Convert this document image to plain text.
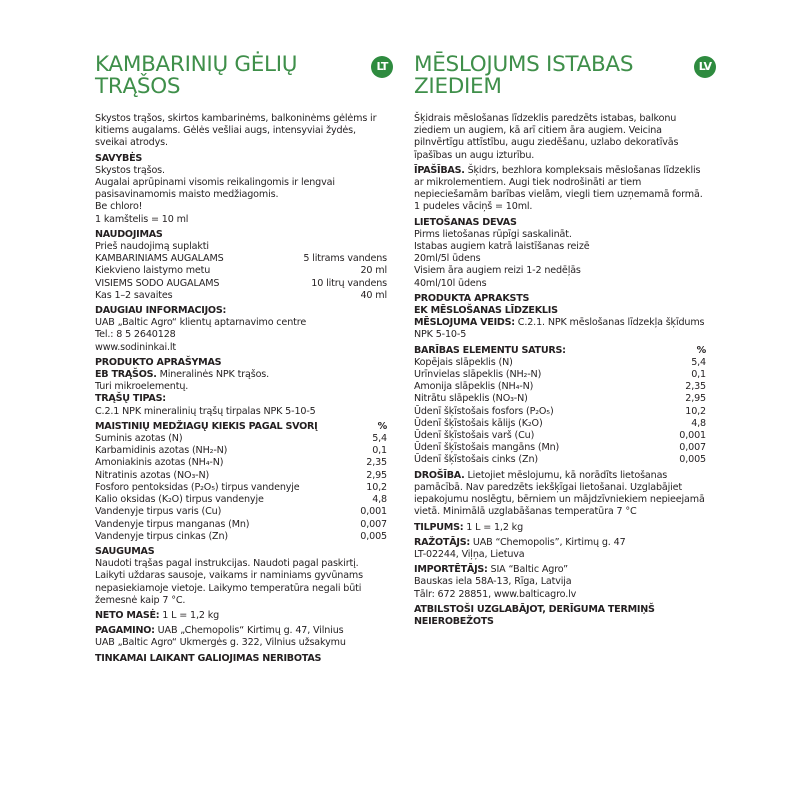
KAMBARINIŲ GĖLIŲ TRĄŠOS
LT

Skystos trąšos, skirtos kambarinėms, balkoninėms gėlėms ir kitiems augalams. Gėlės vešliai augs, intensyviai žydės, sveikai atrodys.

SAVYBĖS

Skystos trąšos.

Augalai aprūpinami visomis reikalingomis ir lengvai pasisavinamomis maisto medžiagomis.

Be chloro!

1 kamštelis = 10 ml

NAUDOJIMAS

Prieš naudojimą suplakti

KAMBARINIAMS AUGALAMS	5 litrams vandens
Kiekvieno laistymo metu	20 ml
VISIEMS SODO AUGALAMS	10 litrų vandens
Kas 1–2 savaites	40 ml

DAUGIAU INFORMACIJOS:

UAB „Baltic Agro“ klientų aptarnavimo centre

Tel.: 8 5 2640128

www.sodininkai.lt

PRODUKTO APRAŠYMAS

EB TRĄŠOS. Mineralinės NPK trąšos.

Turi mikroelementų.

TRĄŠŲ TIPAS:

C.2.1 NPK mineralinių trąšų tirpalas NPK 5-10-5

MAISTINIŲ MEDŽIAGŲ KIEKIS PAGAL SVORĮ	%
Suminis azotas (N)	5,4
Karbamidinis azotas (NH₂-N)	0,1
Amoniakinis azotas (NH₄-N)	2,35
Nitratinis azotas (NO₃-N)	2,95
Fosforo pentoksidas (P₂O₅) tirpus vandenyje	10,2
Kalio oksidas (K₂O) tirpus vandenyje	4,8
Vandenyje tirpus varis (Cu)	0,001
Vandenyje tirpus manganas (Mn)	0,007
Vandenyje tirpus cinkas (Zn)	0,005

SAUGUMAS

Naudoti trąšas pagal instrukcijas. Naudoti pagal paskirtį. Laikyti uždaras sausoje, vaikams ir naminiams gyvūnams nepasiekiamoje vietoje. Laikymo temperatūra negali būti žemesnė kaip 7 °C.

NETO MASĖ: 1 L = 1,2 kg

PAGAMINO: UAB „Chemopolis“ Kirtimų g. 47, Vilnius

UAB „Baltic Agro“ Ukmergės g. 322, Vilnius užsakymu

TINKAMAI LAIKANT GALIOJIMAS NERIBOTAS

MĒSLOJUMS ISTABAS ZIEDIEM
LV

Šķidrais mēslošanas līdzeklis paredzēts istabas, balkonu ziediem un augiem, kā arī citiem āra augiem. Veicina pilnvērtīgu attīstību, augu ziedēšanu, uzlabo dekoratīvās īpašības un augu izturību.

ĪPAŠĪBAS. Šķidrs, bezhlora kompleksais mēslošanas līdzeklis ar mikrolementiem. Augi tiek nodrošināti ar tiem nepieciešamām barības vielām, viegli tiem uzņemamā formā. 1 pudeles vāciņš = 10ml.

LIETOŠANAS DEVAS

Pirms lietošanas rūpīgi saskalināt.

Istabas augiem katrā laistīšanas reizē

20ml/5l ūdens

Visiem āra augiem reizi 1-2 nedēļās

40ml/10l ūdens

PRODUKTA APRAKSTS

EK MĒSLOŠANAS LĪDZEKLIS

MĒSLOJUMA VEIDS: C.2.1. NPK mēslošanas līdzekļa šķīdums NPK 5-10-5

BARĪBAS ELEMENTU SATURS:	%
Kopējais slāpeklis (N)	5,4
Urīnvielas slāpeklis (NH₂-N)	0,1
Amonija slāpeklis (NH₄-N)	2,35
Nitrātu slāpeklis (NO₃-N)	2,95
Ūdenī šķīstošais fosfors (P₂O₅)	10,2
Ūdenī šķīstošais kālijs (K₂O)	4,8
Ūdenī šķīstošais varš (Cu)	0,001
Ūdenī šķīstošais mangāns (Mn)	0,007
Ūdenī šķīstošais cinks (Zn)	0,005

DROŠĪBA. Lietojiet mēslojumu, kā norādīts lietošanas pamācībā. Nav paredzēts iekšķīgai lietošanai. Uzglabājiet iepakojumu noslēgtu, bērniem un mājdzīvniekiem nepieejamā vietā. Minimālā uzglabāšanas temperatūra 7 °C

TILPUMS: 1 L = 1,2 kg

RAŽOTĀJS: UAB “Chemopolis”, Kirtimų g. 47

LT-02244, Viļņa, Lietuva

IMPORTĒTĀJS: SIA “Baltic Agro”

Bauskas iela 58A-13, Rīga, Latvija

Tālr: 672 28851, www.balticagro.lv

ATBILSTOŠI UZGLABĀJOT, DERĪGUMA TERMIŅŠ NEIEROBEŽOTS
